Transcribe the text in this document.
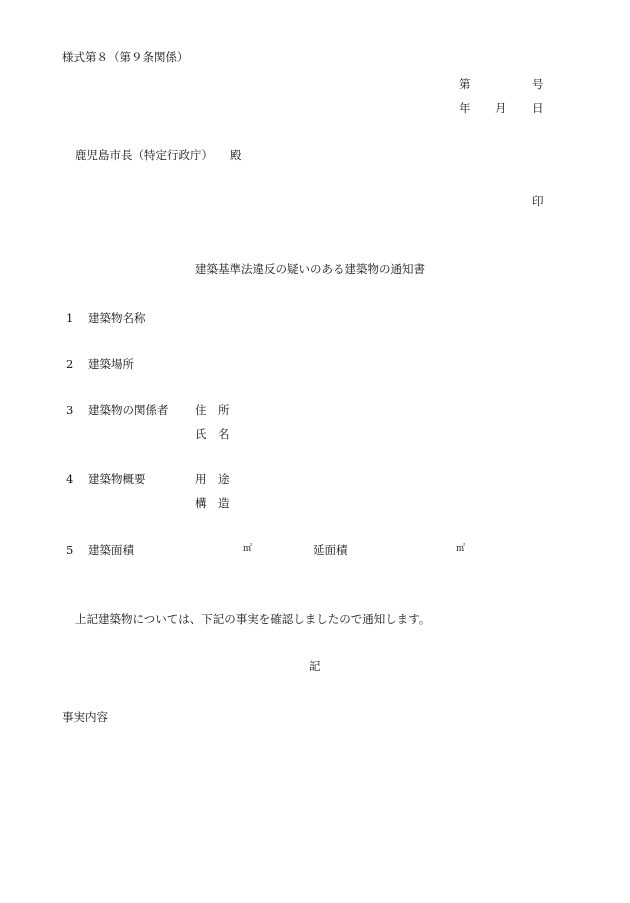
様式第８（第９条関係）
第	号
年 月 日
鹿児島市長（特定行政庁） 殿
印
建築基準法違反の疑いのある建築物の通知書
1 建築物名称
2 建築場所
3 建築物の関係者 住　所
氏　名
4 建築物概要	用　途
構　造
5 建築面積	㎡	延面積	㎡
上記建築物については、下記の事実を確認しましたので通知します。
記
事実内容
